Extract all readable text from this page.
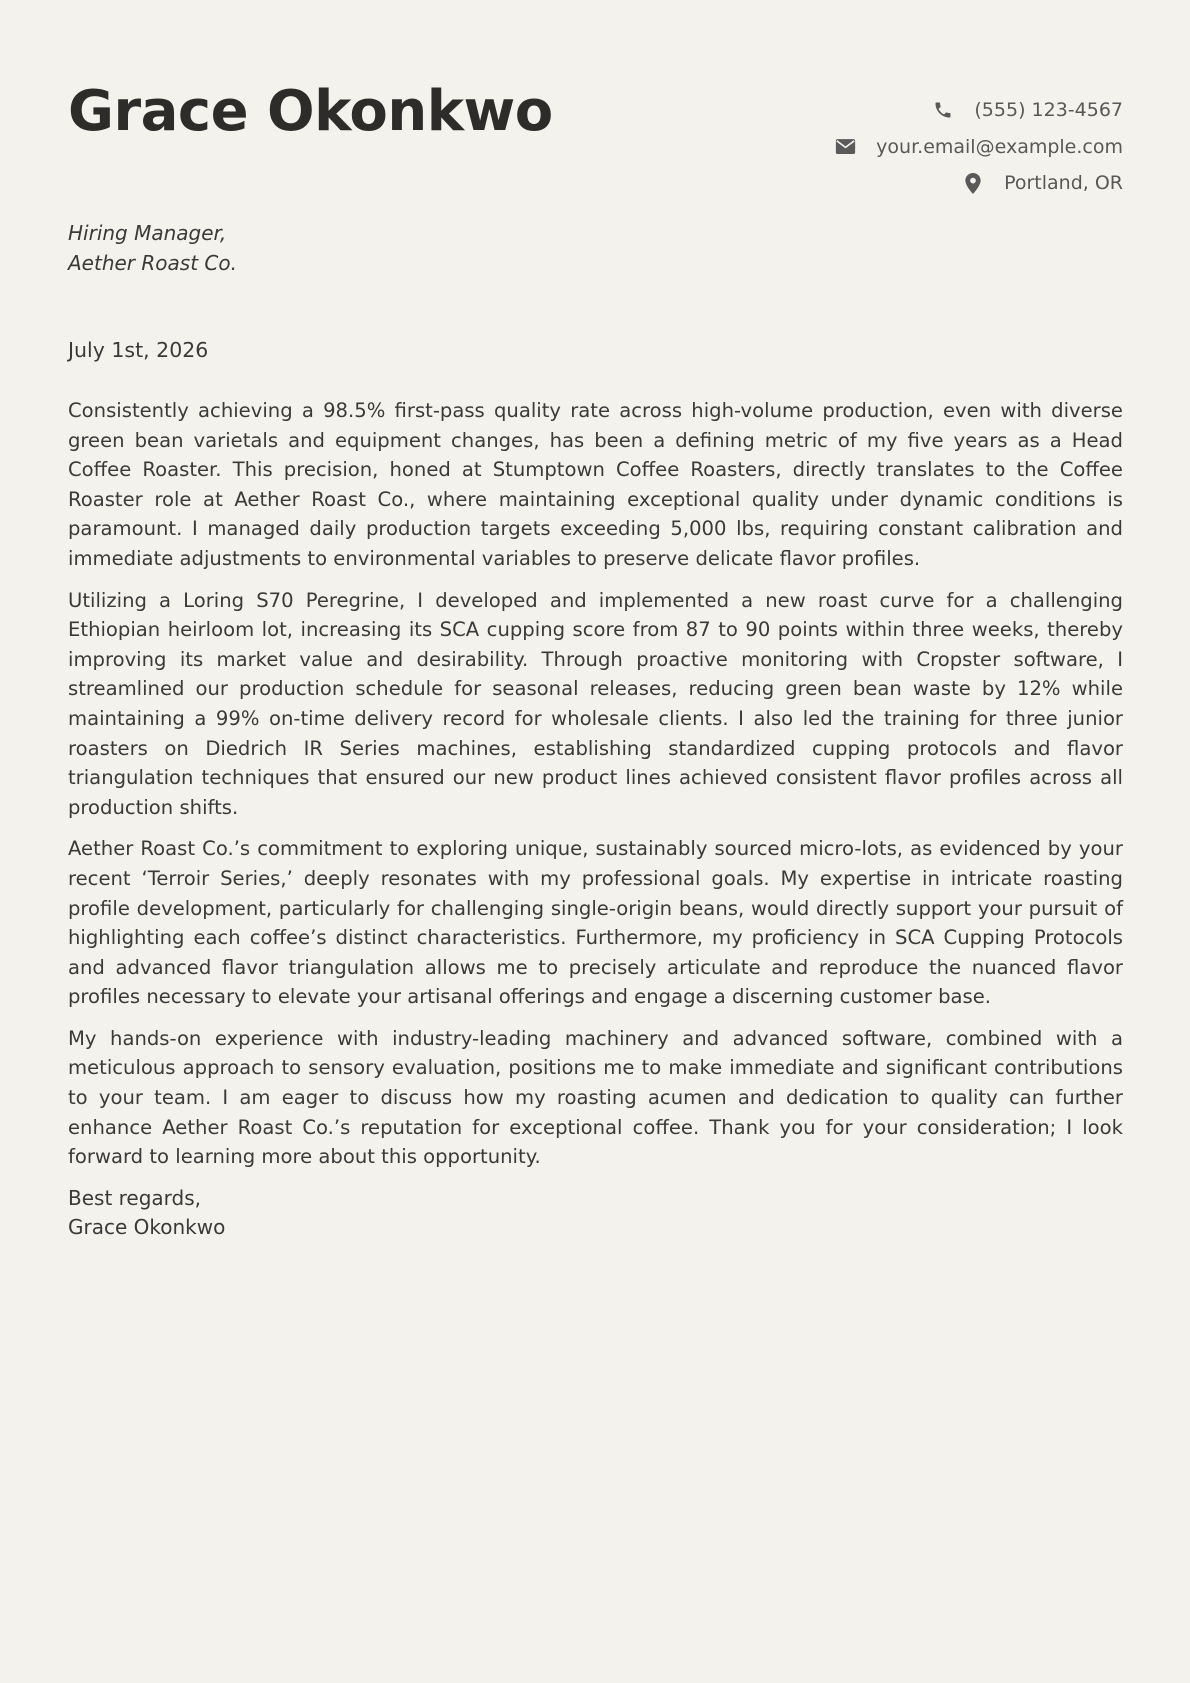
Grace Okonkwo	(555) 123-4567
your.email@example.com
Portland, OR
Hiring Manager,
Aether Roast Co.
July 1st, 2026

Consistently achieving a 98.5% first-pass quality rate across high-volume production, even with diverse green bean varietals and equipment changes, has been a defining metric of my five years as a Head Coffee Roaster. This precision, honed at Stumptown Coffee Roasters, directly translates to the Coffee Roaster role at Aether Roast Co., where maintaining exceptional quality under dynamic conditions is paramount. I managed daily production targets exceeding 5,000 lbs, requiring constant calibration and immediate adjustments to environmental variables to preserve delicate flavor profiles.

Utilizing a Loring S70 Peregrine, I developed and implemented a new roast curve for a challenging Ethiopian heirloom lot, increasing its SCA cupping score from 87 to 90 points within three weeks, thereby improving its market value and desirability. Through proactive monitoring with Cropster software, I streamlined our production schedule for seasonal releases, reducing green bean waste by 12% while maintaining a 99% on-time delivery record for wholesale clients. I also led the training for three junior roasters on Diedrich IR Series machines, establishing standardized cupping protocols and flavor triangulation techniques that ensured our new product lines achieved consistent flavor profiles across all production shifts.

Aether Roast Co.’s commitment to exploring unique, sustainably sourced micro-lots, as evidenced by your recent ‘Terroir Series,’ deeply resonates with my professional goals. My expertise in intricate roasting profile development, particularly for challenging single-origin beans, would directly support your pursuit of highlighting each coffee’s distinct characteristics. Furthermore, my proficiency in SCA Cupping Protocols and advanced flavor triangulation allows me to precisely articulate and reproduce the nuanced flavor profiles necessary to elevate your artisanal offerings and engage a discerning customer base.

My hands-on experience with industry-leading machinery and advanced software, combined with a meticulous approach to sensory evaluation, positions me to make immediate and significant contributions to your team. I am eager to discuss how my roasting acumen and dedication to quality can further enhance Aether Roast Co.’s reputation for exceptional coffee. Thank you for your consideration; I look forward to learning more about this opportunity.

Best regards,
Grace Okonkwo
